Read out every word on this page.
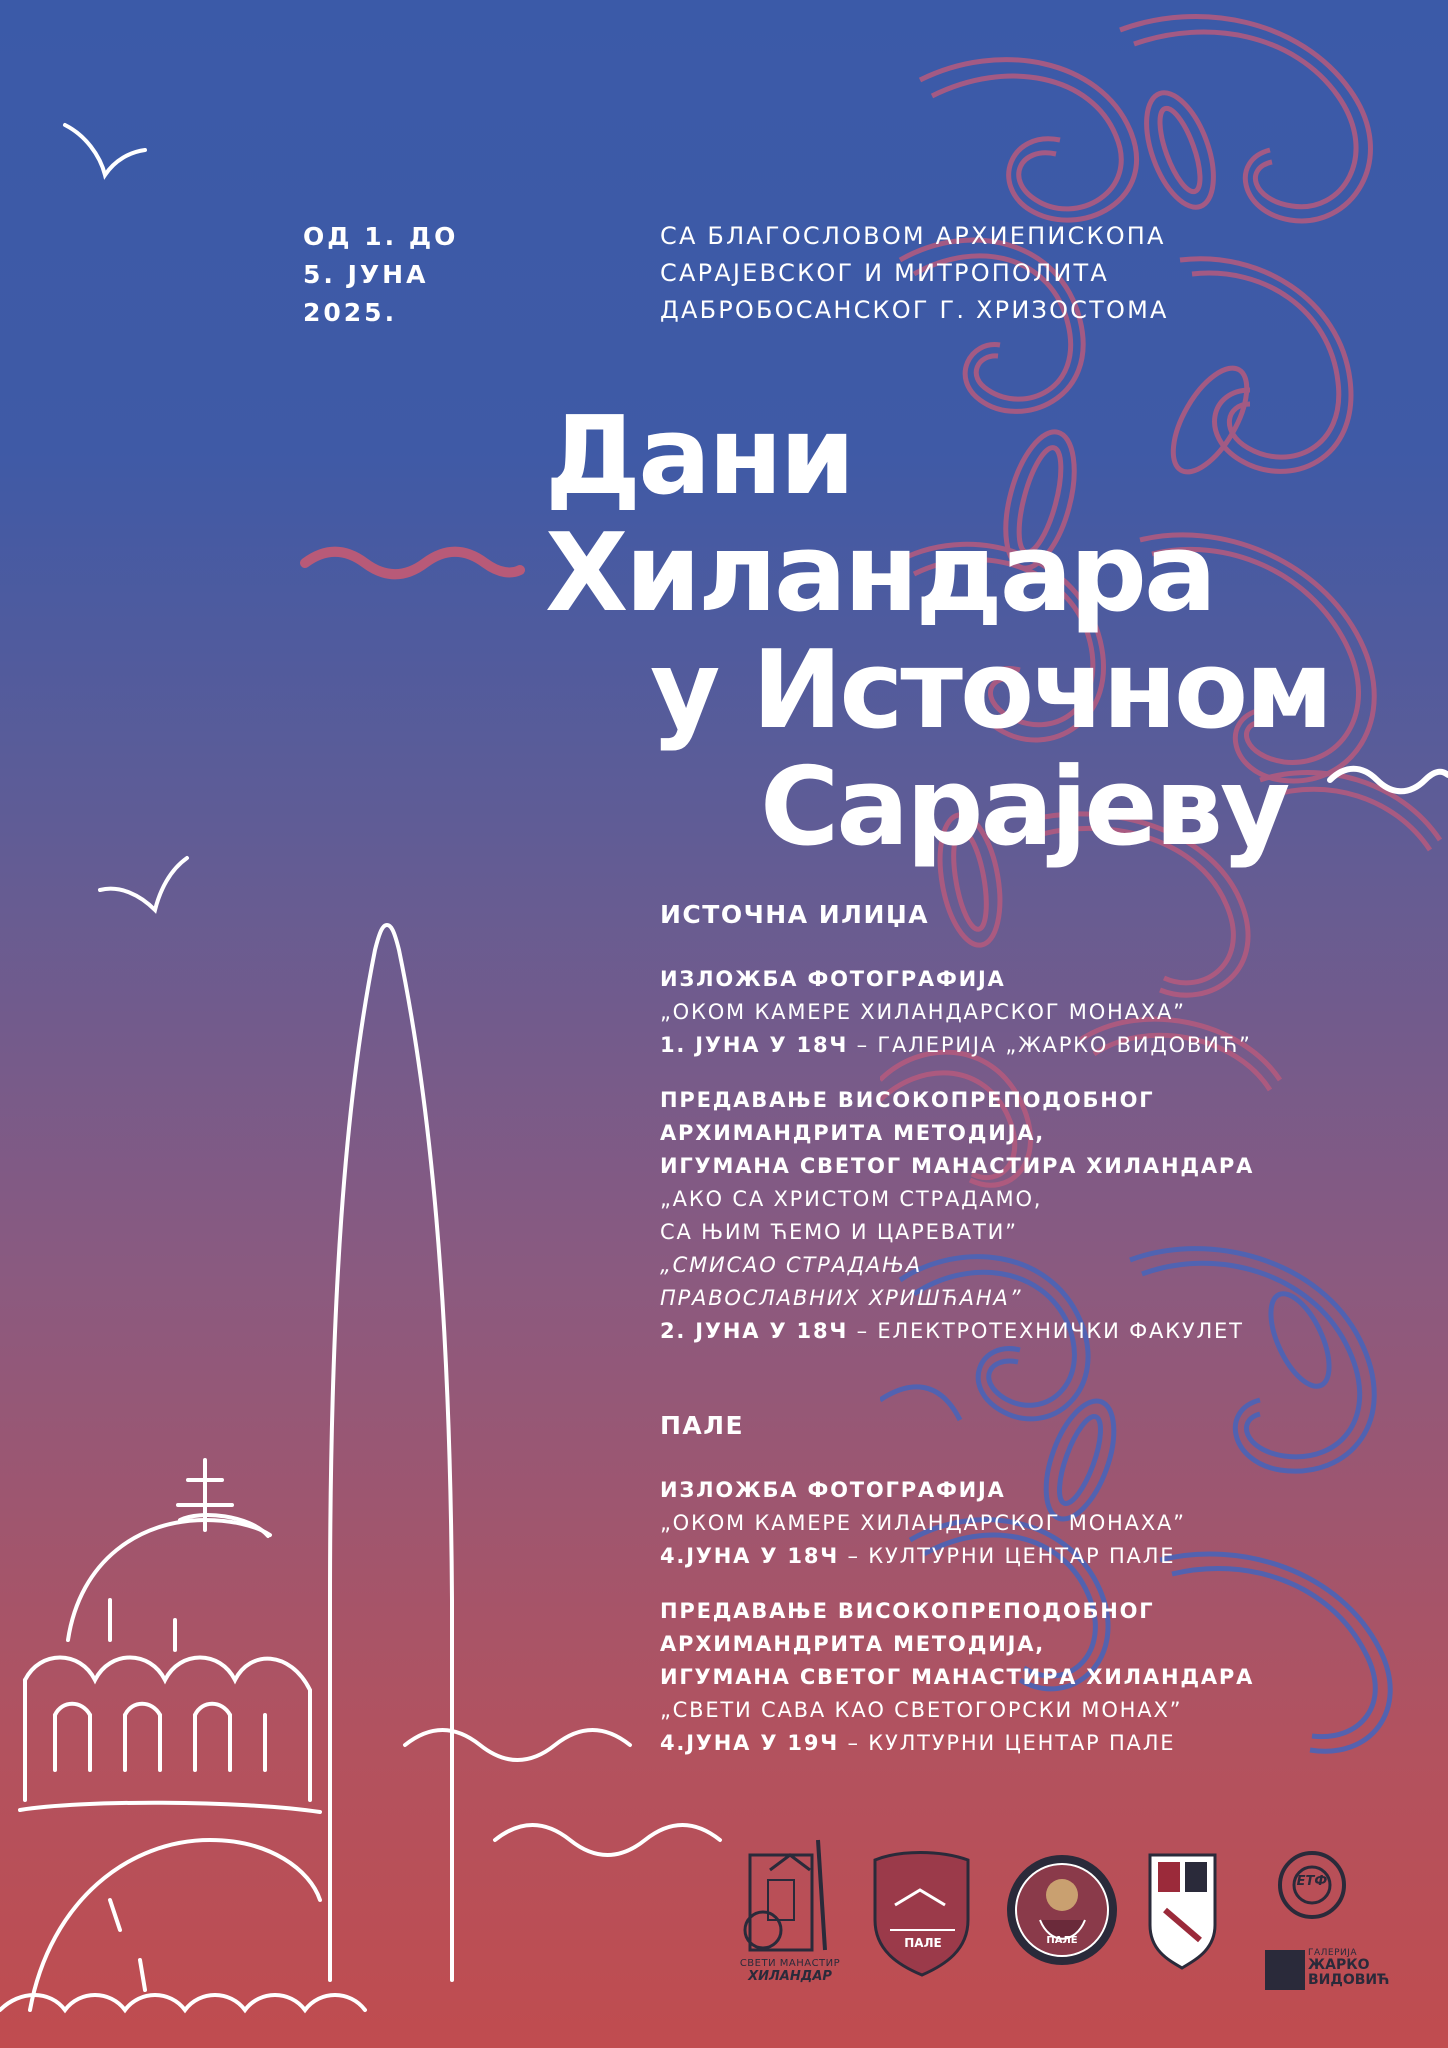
ОД 1. ДО
5. ЈУНА
2025.
СА БЛАГОСЛОВОМ АРХИЕПИСКОПА
САРАЈЕВСКОГ И МИТРОПОЛИТА
ДАБРОБОСАНСКОГ Г. ХРИЗОСТОМА
Дани
Хиландара
у Источном
Сарајеву
ИСТОЧНА ИЛИЏА
ИЗЛОЖБА ФОТОГРАФИЈА
„ОКОМ КАМЕРЕ ХИЛАНДАРСКОГ МОНАХА”
1. ЈУНА У 18Ч – ГАЛЕРИЈА „ЖАРКО ВИДОВИЋ”
ПРЕДАВАЊЕ ВИСОКОПРЕПОДОБНОГ
АРХИМАНДРИТА МЕТОДИЈА,
ИГУМАНА СВЕТОГ МАНАСТИРА ХИЛАНДАРА
„АКО СА ХРИСТОМ СТРАДАМО,
СА ЊИМ ЋЕМО И ЦАРЕВАТИ”
„СМИСАО СТРАДАЊА
ПРАВОСЛАВНИХ ХРИШЋАНА”
2. ЈУНА У 18Ч – ЕЛЕКТРОТЕХНИЧКИ ФАКУЛЕТ
ПАЛЕ
ИЗЛОЖБА ФОТОГРАФИЈА
„ОКОМ КАМЕРЕ ХИЛАНДАРСКОГ МОНАХА”
4.ЈУНА У 18Ч – КУЛТУРНИ ЦЕНТАР ПАЛЕ
ПРЕДАВАЊЕ ВИСОКОПРЕПОДОБНОГ
АРХИМАНДРИТА МЕТОДИЈА,
ИГУМАНА СВЕТОГ МАНАСТИРА ХИЛАНДАРА
„СВЕТИ САВА КАО СВЕТОГОРСКИ МОНАХ”
4.ЈУНА У 19Ч – КУЛТУРНИ ЦЕНТАР ПАЛЕ
СВЕТИ МАНАСТИР
ХИЛАНДАР
ПАЛЕ	ПАЛЕ
ЕТФ
ГАЛЕРИЈА
ЖАРКО
ВИДОВИЋ
